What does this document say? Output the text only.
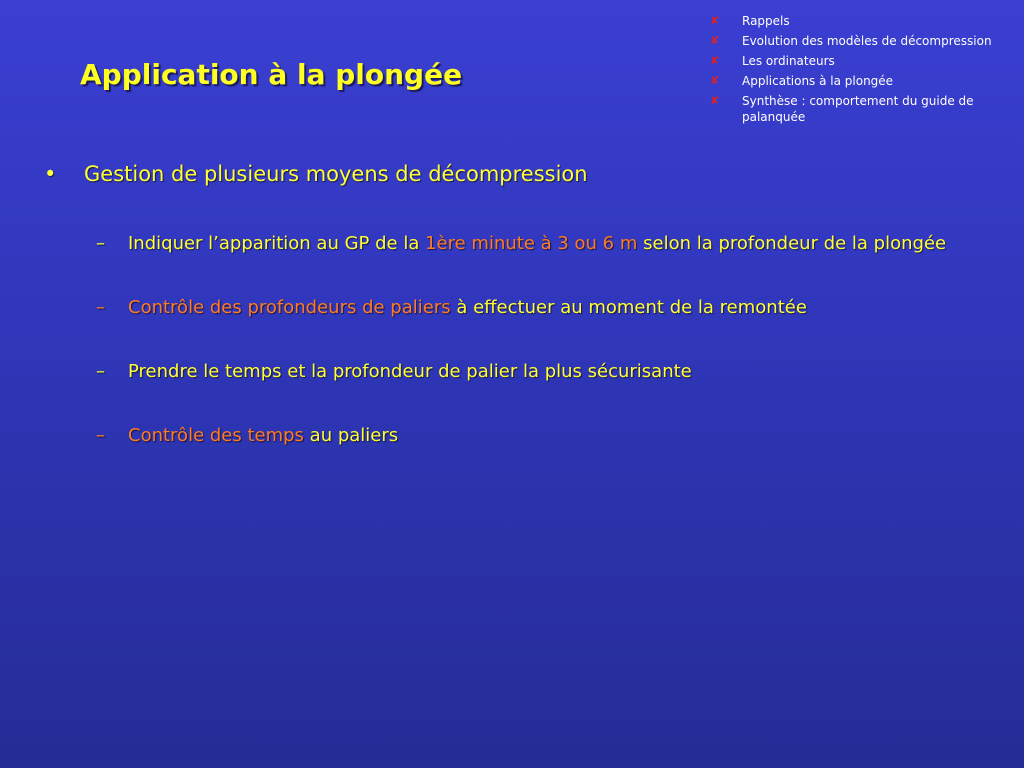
Application à la plongée
✘ Rappels
✘ Evolution des modèles de décompression
✘ Les ordinateurs
✘ Applications à la plongée
✘ Synthèse : comportement du guide de palanquée
• Gestion de plusieurs moyens de décompression
– Indiquer l’apparition au GP de la 1ère minute à 3 ou 6 m selon la profondeur de la plongée
– Contrôle des profondeurs de paliers à effectuer au moment de la remontée
– Prendre le temps et la profondeur de palier la plus sécurisante
– Contrôle des temps au paliers
